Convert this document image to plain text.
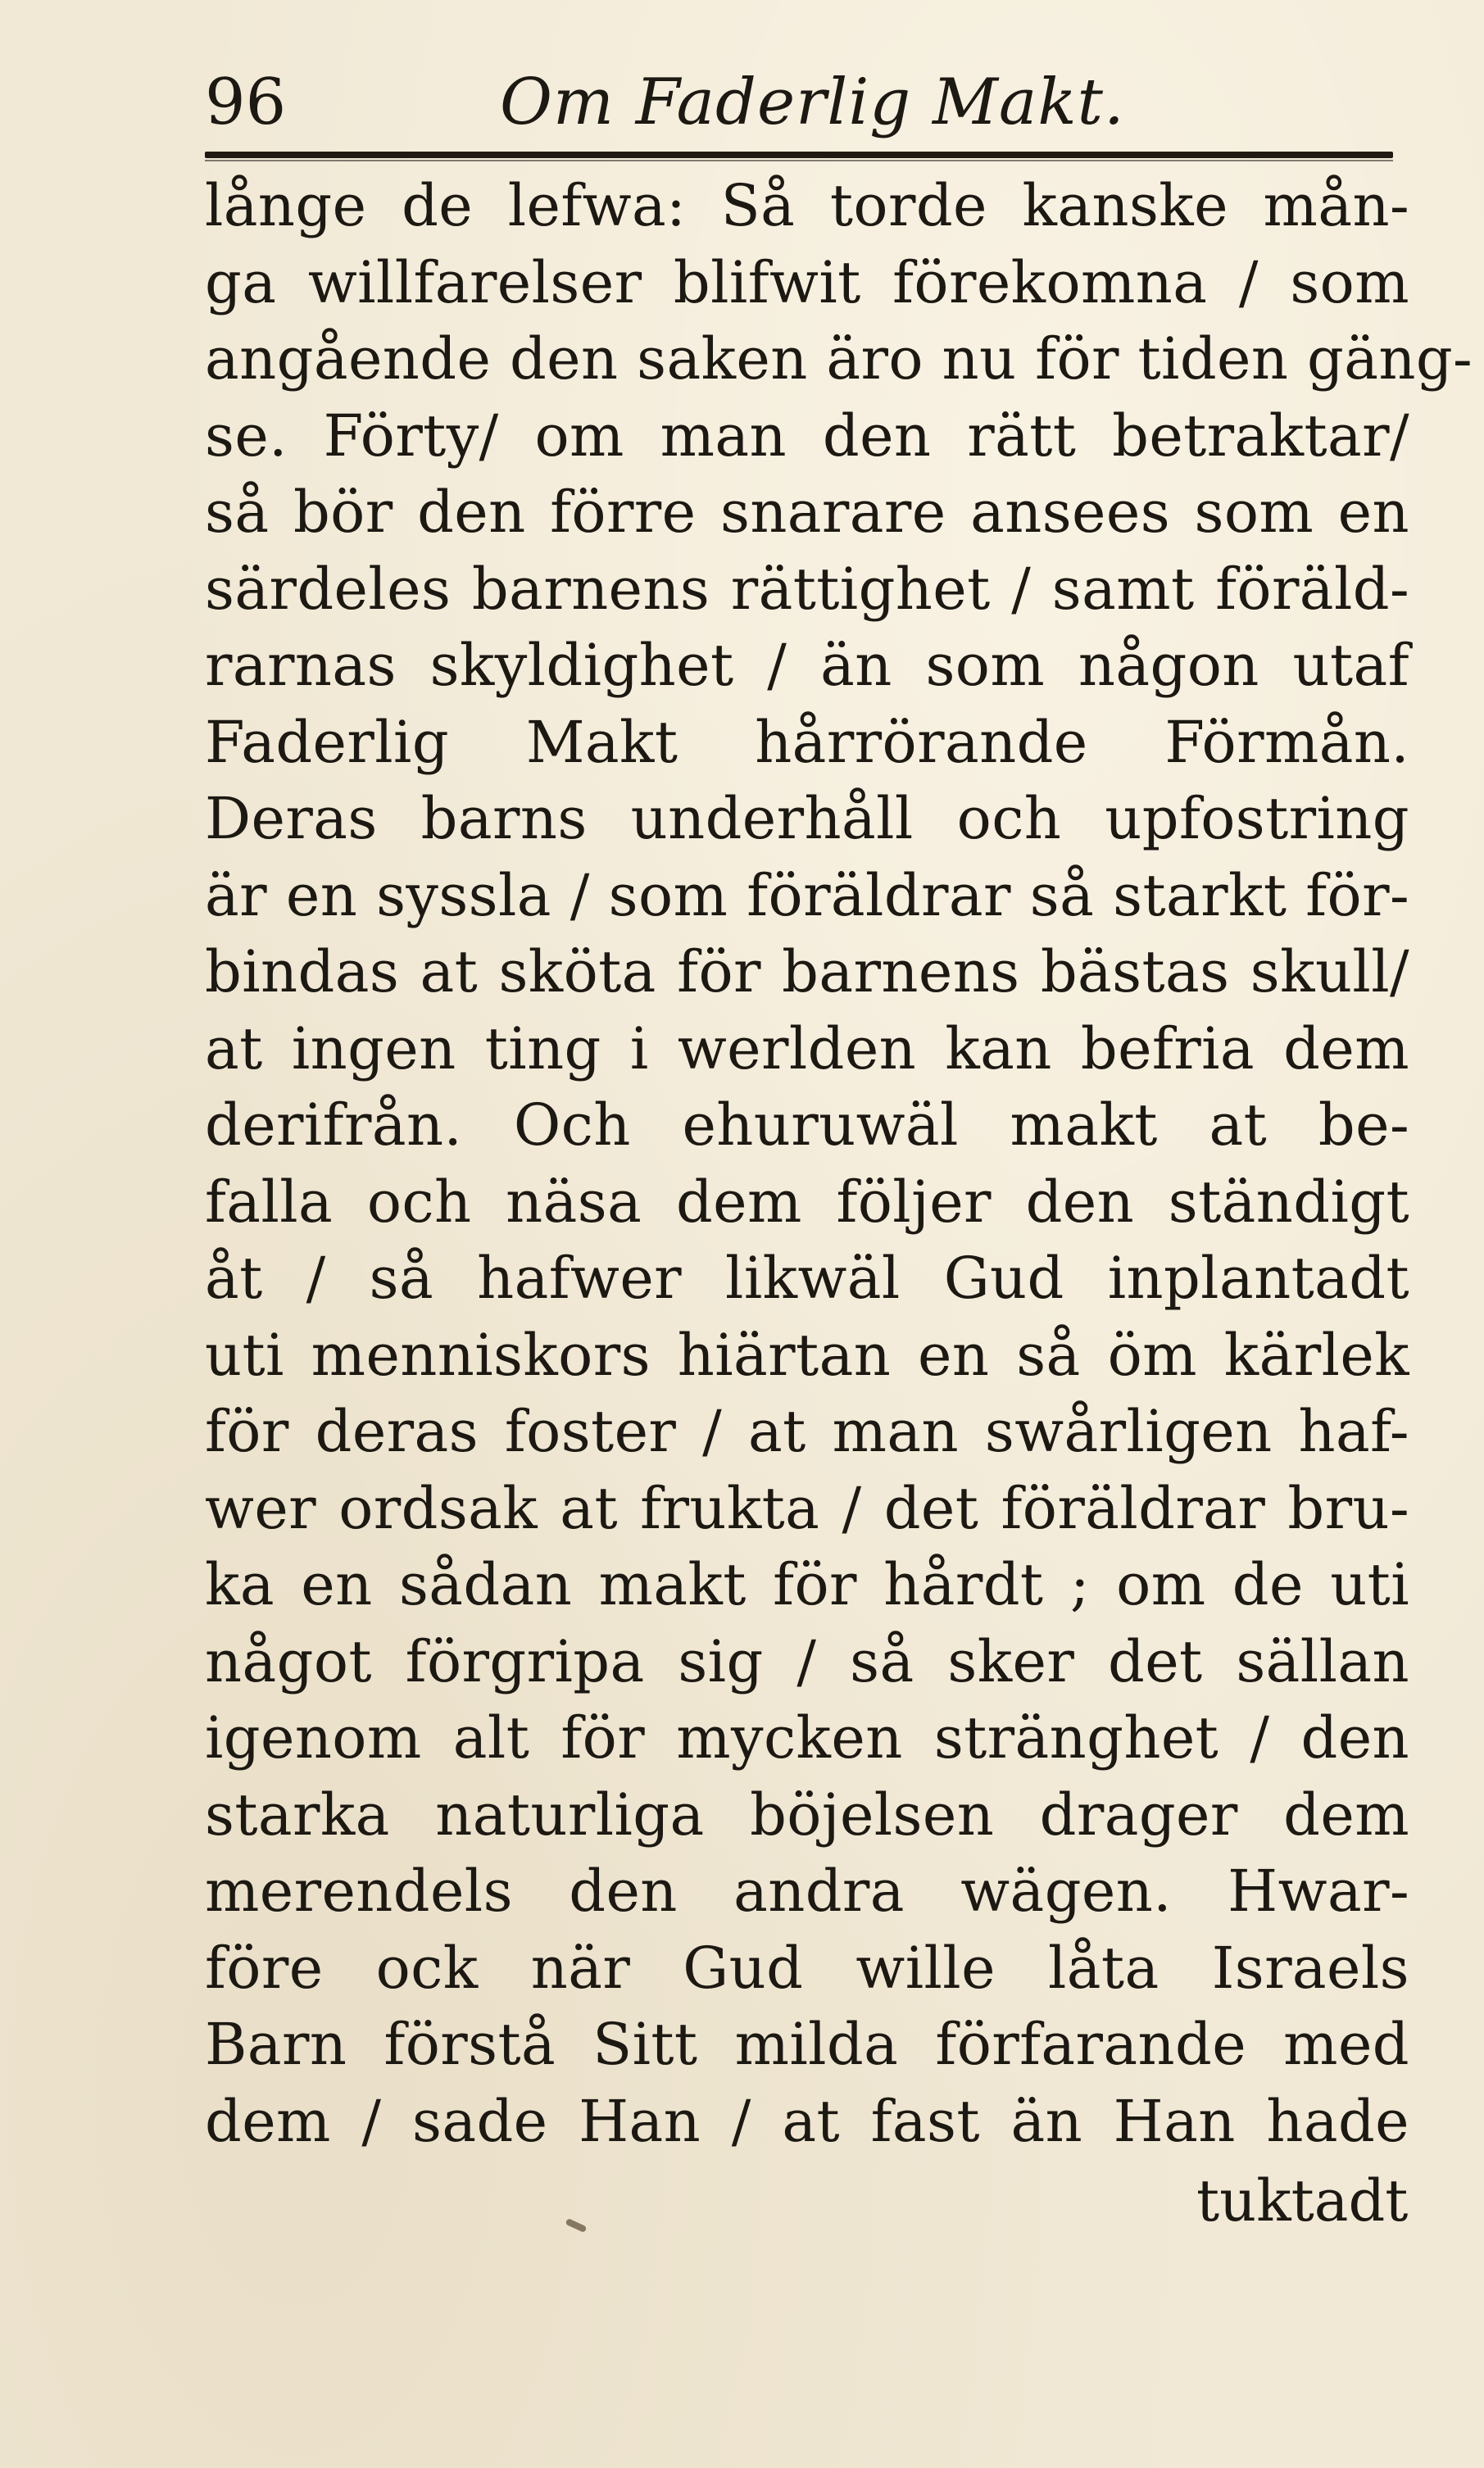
96	Om Faderlig Makt.
långe de lefwa: Så torde kanske mån-
ga willfarelser blifwit förekomna / som
angående den saken äro nu för tiden gäng-
se. Förty/ om man den rätt betraktar/
så bör den förre snarare ansees som en
särdeles barnens rättighet / samt föräld-
rarnas skyldighet / än som någon utaf
Faderlig Makt hårrörande Förmån.
Deras barns underhåll och upfostring
är en syssla / som föräldrar så starkt för-
bindas at sköta för barnens bästas skull/
at ingen ting i werlden kan befria dem
derifrån. Och ehuruwäl makt at be-
falla och näsa dem följer den ständigt
åt / så hafwer likwäl Gud inplantadt
uti menniskors hiärtan en så öm kärlek
för deras foster / at man swårligen haf-
wer ordsak at frukta / det föräldrar bru-
ka en sådan makt för hårdt ; om de uti
något förgripa sig / så sker det sällan
igenom alt för mycken stränghet / den
starka naturliga böjelsen drager dem
merendels den andra wägen. Hwar-
före ock när Gud wille låta Israels
Barn förstå Sitt milda förfarande med
dem / sade Han / at fast än Han hade
tuktadt
